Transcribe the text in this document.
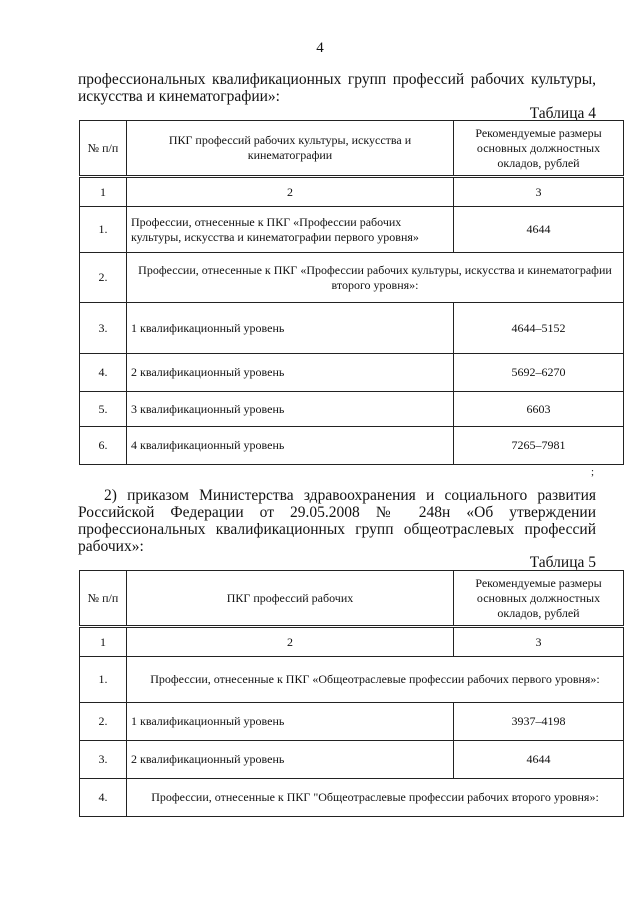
4
профессиональных квалификационных групп профессий рабочих культуры, искусства и кинематографии»:
Таблица 4
№ п/п	ПКГ профессий рабочих культуры, искусства и кинематографии	Рекомендуемые размеры основных должностных окладов, рублей
1	2	3
1.	Профессии, отнесенные к ПКГ «Профессии рабочих культуры, искусства и кинематографии первого уровня»	4644
2.	Профессии, отнесенные к ПКГ «Профессии рабочих культуры, искусства и кинематографии второго уровня»:	
3.	1 квалификационный уровень	4644–5152
4.	2 квалификационный уровень	5692–6270
5.	3 квалификационный уровень	6603
6.	4 квалификационный уровень	7265–7981
;
2) приказом Министерства здравоохранения и социального развития Российской Федерации от 29.05.2008 № 248н «Об утверждении профессиональных квалификационных групп общеотраслевых профессий рабочих»:
Таблица 5
№ п/п	ПКГ профессий рабочих	Рекомендуемые размеры основных должностных окладов, рублей
1	2	3
1.	Профессии, отнесенные к ПКГ «Общеотраслевые профессии рабочих первого уровня»:	
2.	1 квалификационный уровень	3937–4198
3.	2 квалификационный уровень	4644
4.	Профессии, отнесенные к ПКГ "Общеотраслевые профессии рабочих второго уровня»:	
